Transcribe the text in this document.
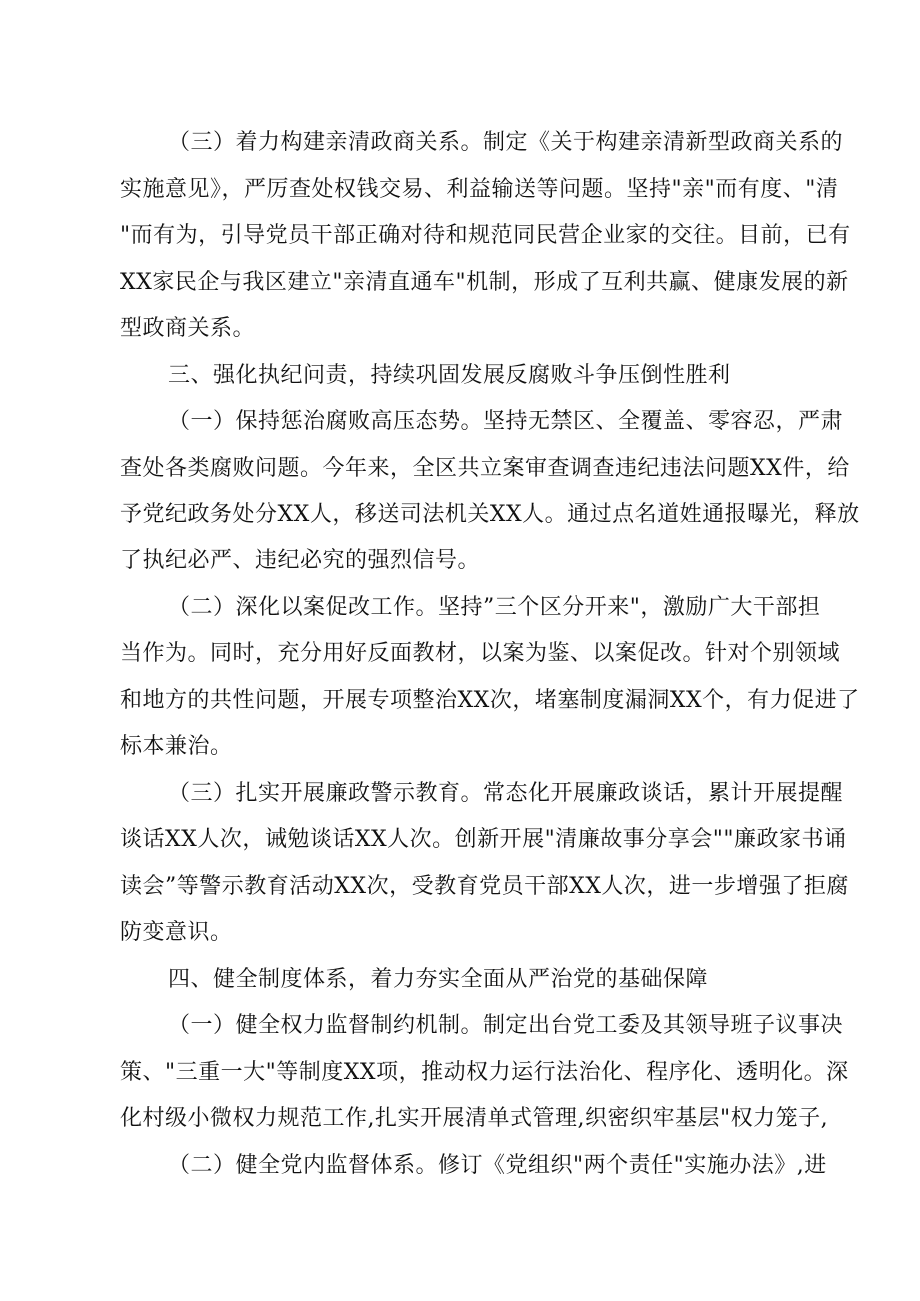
（三）着力构建亲清政商关系。制定《关于构建亲清新型政商关系的
实施意见》，严厉查处权钱交易、利益输送等问题。坚持"亲"而有度、"清
"而有为，引导党员干部正确对待和规范同民营企业家的交往。目前，已有
XX家民企与我区建立"亲清直通车"机制，形成了互利共赢、健康发展的新
型政商关系。
三、强化执纪问责，持续巩固发展反腐败斗争压倒性胜利
（一）保持惩治腐败高压态势。坚持无禁区、全覆盖、零容忍，严肃
查处各类腐败问题。今年来，全区共立案审查调查违纪违法问题XX件，给
予党纪政务处分XX人，移送司法机关XX人。通过点名道姓通报曝光，释放
了执纪必严、违纪必究的强烈信号。
（二）深化以案促改工作。坚持”三个区分开来"，激励广大干部担
当作为。同时，充分用好反面教材，以案为鉴、以案促改。针对个别领域
和地方的共性问题，开展专项整治XX次，堵塞制度漏洞XX个，有力促进了
标本兼治。
（三）扎实开展廉政警示教育。常态化开展廉政谈话，累计开展提醒
谈话XX人次，诫勉谈话XX人次。创新开展"清廉故事分享会""廉政家书诵
读会”等警示教育活动XX次，受教育党员干部XX人次，进一步增强了拒腐
防变意识。
四、健全制度体系，着力夯实全面从严治党的基础保障
（一）健全权力监督制约机制。制定出台党工委及其领导班子议事决
策、"三重一大"等制度XX项，推动权力运行法治化、程序化、透明化。深
化村级小微权力规范工作,扎实开展清单式管理,织密织牢基层"权力笼子,
（二）健全党内监督体系。修订《党组织"两个责任"实施办法》,进
